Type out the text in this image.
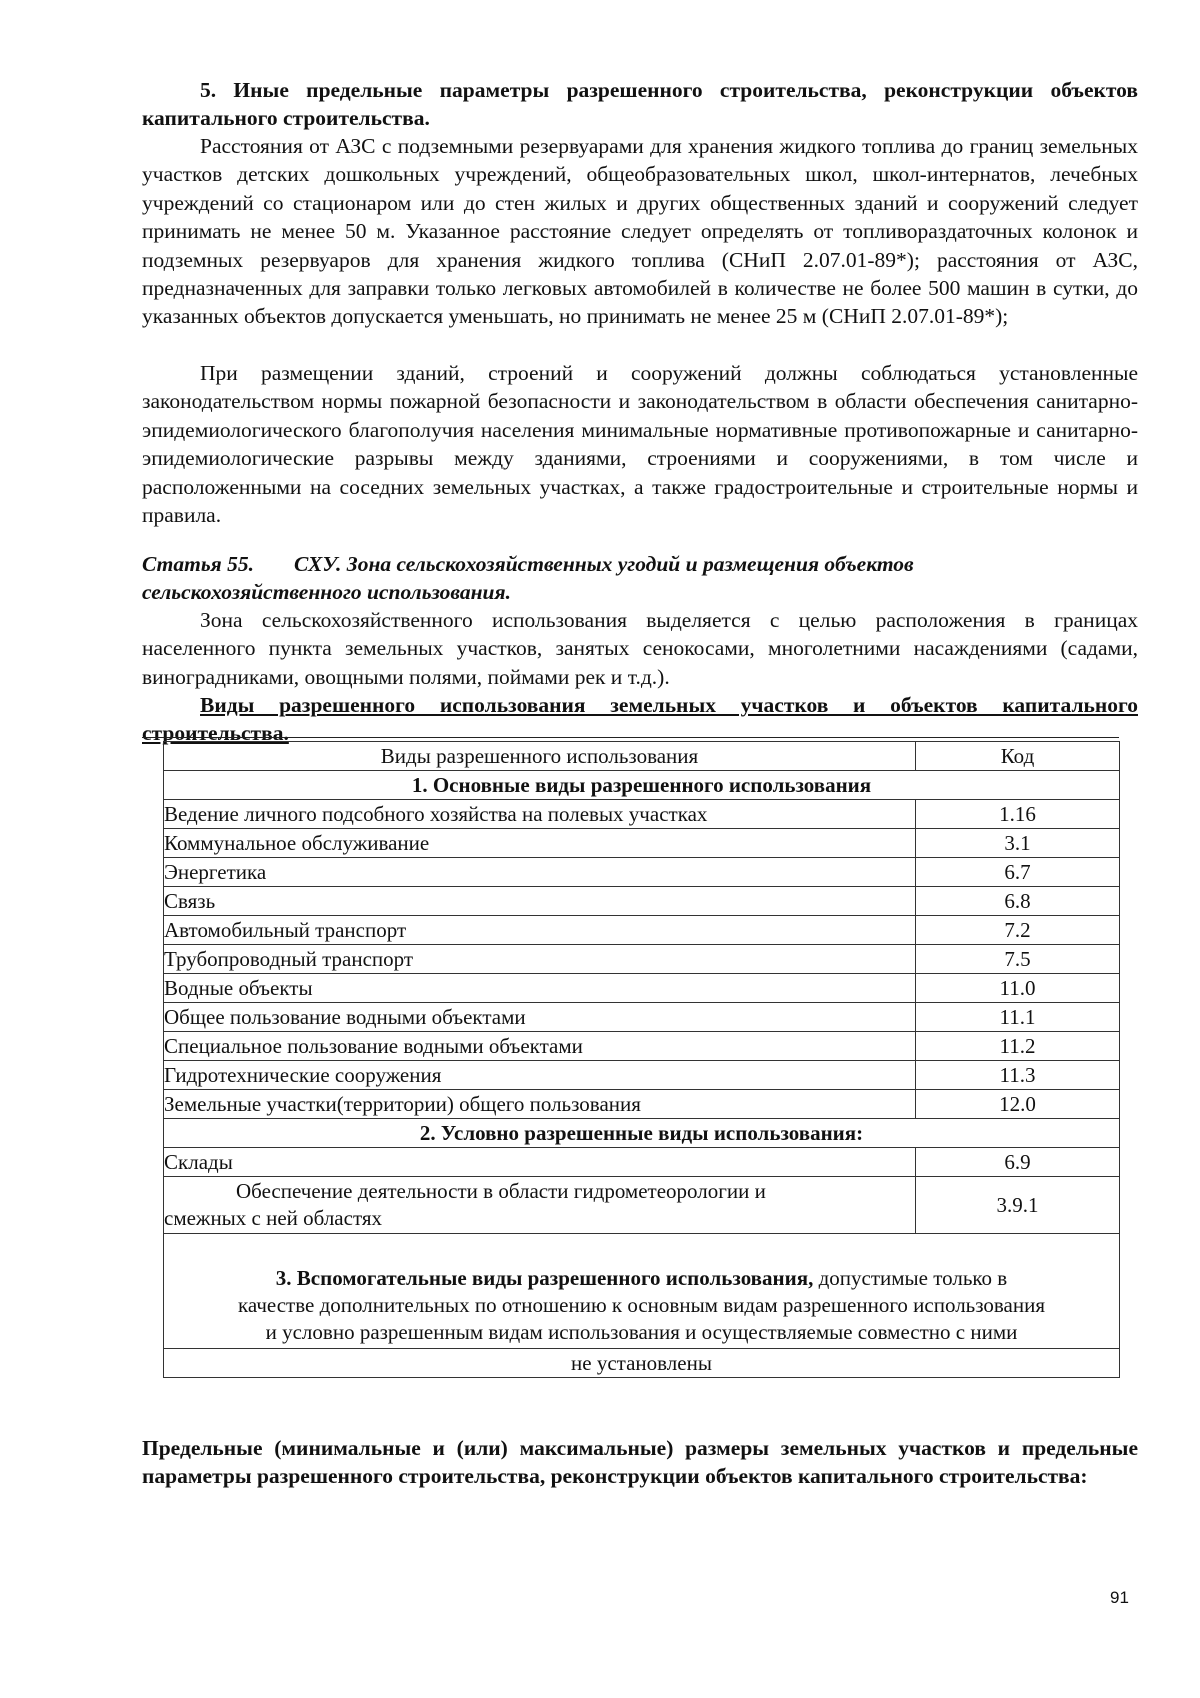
5. Иные предельные параметры разрешенного строительства, реконструкции объектов капитального строительства.

Расстояния от АЗС с подземными резервуарами для хранения жидкого топлива до границ земельных участков детских дошкольных учреждений, общеобразовательных школ, школ-интернатов, лечебных учреждений со стационаром или до стен жилых и других общественных зданий и сооружений следует принимать не менее 50 м. Указанное расстояние следует определять от топливораздаточных колонок и подземных резервуаров для хранения жидкого топлива (СНиП 2.07.01-89*); расстояния от АЗС, предназначенных для заправки только легковых автомобилей в количестве не более 500 машин в сутки, до указанных объектов допускается уменьшать, но принимать не менее 25 м (СНиП 2.07.01-89*);

При размещении зданий, строений и сооружений должны соблюдаться установленные законодательством нормы пожарной безопасности и законодательством в области обеспечения санитарно-эпидемиологического благополучия населения минимальные нормативные противопожарные и санитарно-эпидемиологические разрывы между зданиями, строениями и сооружениями, в том числе и расположенными на соседних земельных участках, а также градостроительные и строительные нормы и правила.

Статья 55. СХУ. Зона сельскохозяйственных угодий и размещения объектов

сельскохозяйственного использования.

Зона сельскохозяйственного использования выделяется с целью расположения в границах населенного пункта земельных участков, занятых сенокосами, многолетними насаждениями (садами, виноградниками, овощными полями, поймами рек и т.д.).

Виды разрешенного использования земельных участков и объектов капитального строительства.

Виды разрешенного использования	Код
1. Основные виды разрешенного использования	
Ведение личного подсобного хозяйства на полевых участках	1.16
Коммунальное обслуживание	3.1
Энергетика	6.7
Связь	6.8
Автомобильный транспорт	7.2
Трубопроводный транспорт	7.5
Водные объекты	11.0
Общее пользование водными объектами	11.1
Специальное пользование водными объектами	11.2
Гидротехнические сооружения	11.3
Земельные участки(территории) общего пользования	12.0
2. Условно разрешенные виды использования:	
Склады	6.9

Обеспечение деятельности в области гидрометеорологии и
смежных с ней областях	3.9.1

3. Вспомогательные виды разрешенного использования, допустимые только в
качестве дополнительных по отношению к основным видам разрешенного использования
и условно разрешенным видам использования и осуществляемые совместно с ними	

не установлены	

Предельные (минимальные и (или) максимальные) размеры земельных участков и предельные параметры разрешенного строительства, реконструкции объектов капитального строительства:

91
